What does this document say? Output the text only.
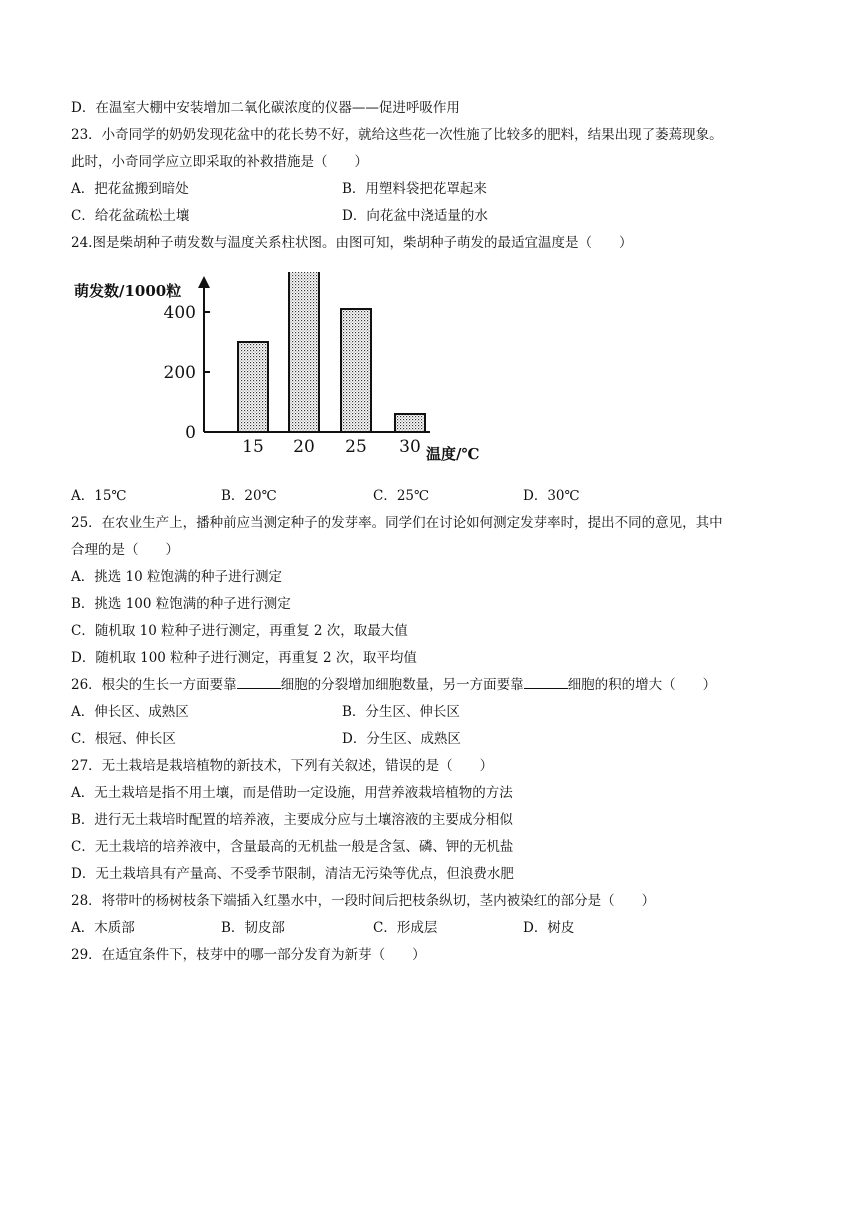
D．在温室大棚中安装增加二氧化碳浓度的仪器——促进呼吸作用
23．小奇同学的奶奶发现花盆中的花长势不好，就给这些花一次性施了比较多的肥料，结果出现了萎蔫现象。
此时，小奇同学应立即采取的补救措施是（　　）
A．把花盆搬到暗处	B．用塑料袋把花罩起来
C．给花盆疏松土壤	D．向花盆中浇适量的水
24.图是柴胡种子萌发数与温度关系柱状图。由图可知，柴胡种子萌发的最适宜温度是（　　）
萌发数/1000粒
0
200
400
15 20 25 30 温度/℃
A．15℃	B．20℃	C．25℃	D．30℃
25．在农业生产上，播种前应当测定种子的发芽率。同学们在讨论如何测定发芽率时，提出不同的意见，其中
合理的是（　　）
A．挑选 10 粒饱满的种子进行测定
B．挑选 100 粒饱满的种子进行测定
C．随机取 10 粒种子进行测定，再重复 2 次，取最大值
D．随机取 100 粒种子进行测定，再重复 2 次，取平均值
26．根尖的生长一方面要靠	细胞的分裂增加细胞数量，另一方面要靠	细胞的积的增大（　　）
A．伸长区、成熟区	B．分生区、伸长区
C．根冠、伸长区	D．分生区、成熟区
27．无土栽培是栽培植物的新技术，下列有关叙述，错误的是（　　）
A．无土栽培是指不用土壤，而是借助一定设施，用营养液栽培植物的方法
B．进行无土栽培时配置的培养液，主要成分应与土壤溶液的主要成分相似
C．无土栽培的培养液中，含量最高的无机盐一般是含氢、磷、钾的无机盐
D．无土栽培具有产量高、不受季节限制，清洁无污染等优点，但浪费水肥
28．将带叶的杨树枝条下端插入红墨水中，一段时间后把枝条纵切，茎内被染红的部分是（　　）
A．木质部	B．韧皮部	C．形成层	D．树皮
29．在适宜条件下，枝芽中的哪一部分发育为新芽（　　）
